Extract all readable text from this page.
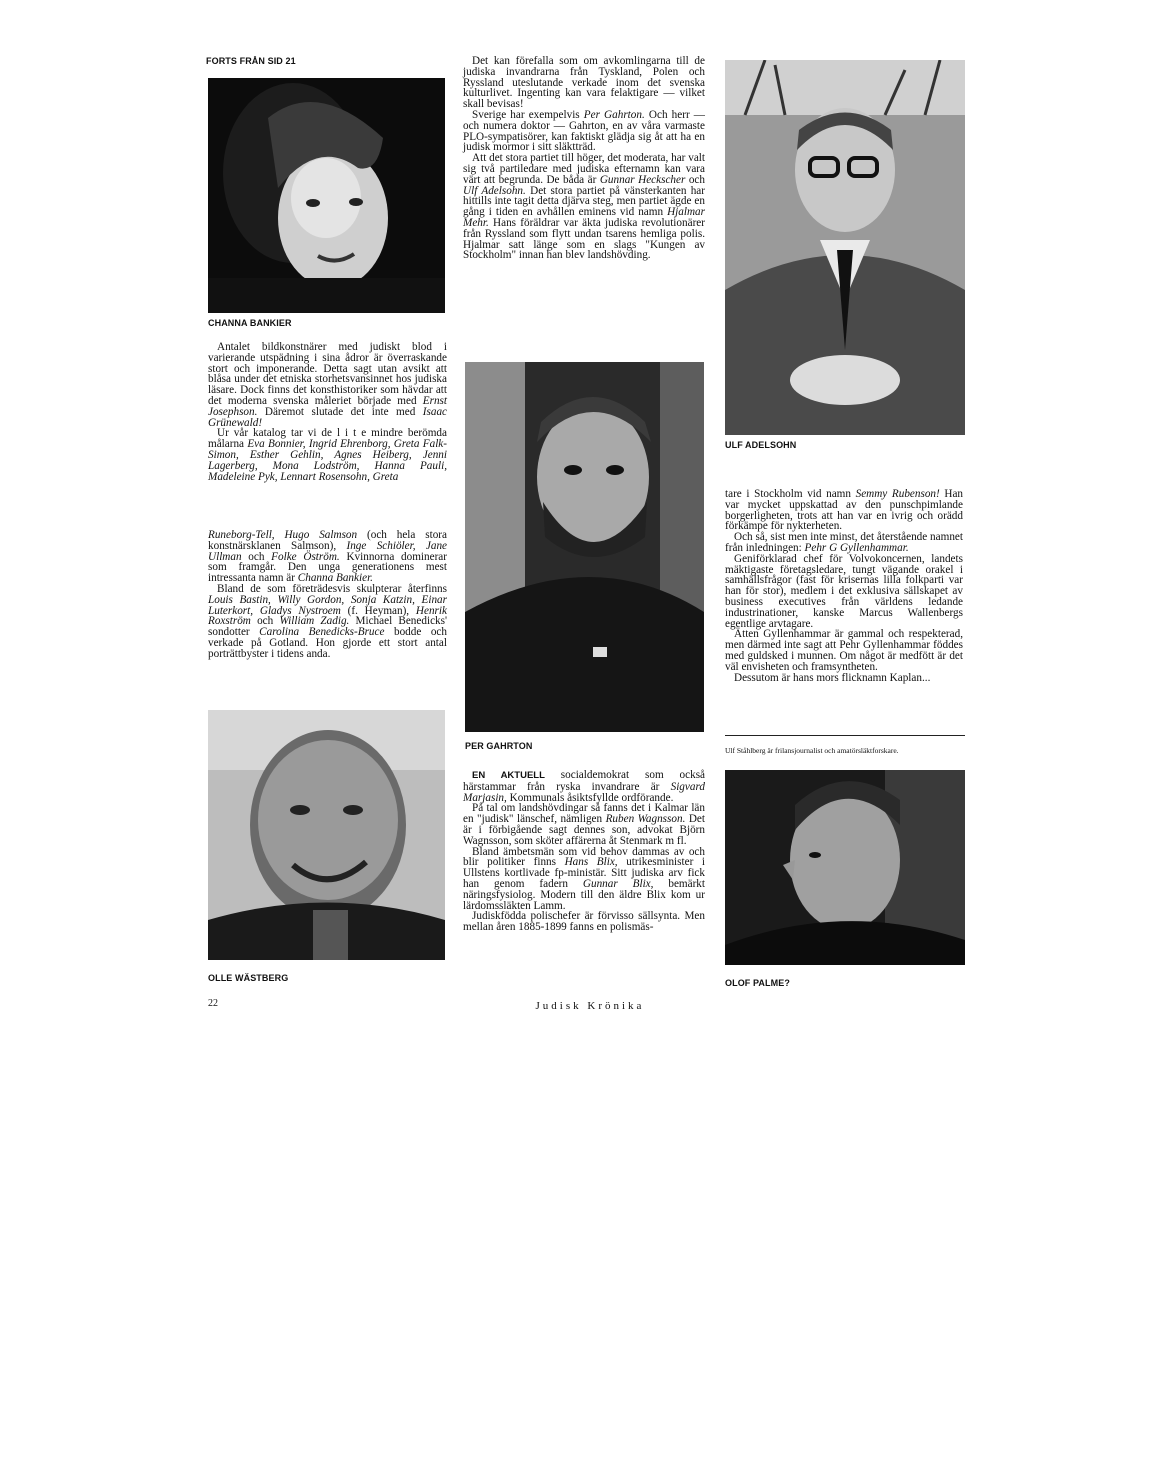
FORTS FRÅN SID 21
CHANNA BANKIER

Antalet bildkonstnärer med judiskt blod i varierande utspädning i sina ådror är överraskande stort och imponerande. Detta sagt utan avsikt att blåsa under det etniska storhetsvansinnet hos judiska läsare. Dock finns det konsthistoriker som hävdar att det moderna svenska måleriet började med Ernst Josephson. Däremot slutade det inte med Isaac Grünewald!

Ur vår katalog tar vi de l i t e mindre berömda målarna Eva Bonnier, Ingrid Ehrenborg, Greta Falk-Simon, Esther Gehlin, Agnes Heiberg, Jenni Lagerberg, Mona Lodström, Hanna Pauli, Madeleine Pyk, Lennart Rosensohn, Greta

Runeborg-Tell, Hugo Salmson (och hela stora konstnärsklanen Salmson), Inge Schiöler, Jane Ullman och Folke Öström. Kvinnorna dominerar som framgår. Den unga generationens mest intressanta namn är Channa Bankier.

Bland de som företrädesvis skulpterar återfinns Louis Bastin, Willy Gordon, Sonja Katzin, Einar Luterkort, Gladys Nystroem (f. Heyman), Henrik Roxström och William Zadig. Michael Benedicks' sondotter Carolina Benedicks-Bruce bodde och verkade på Gotland. Hon gjorde ett stort antal porträttbyster i tidens anda.

OLLE WÄSTBERG

Det kan förefalla som om avkomlingarna till de judiska invandrarna från Tyskland, Polen och Ryssland uteslutande verkade inom det svenska kulturlivet. Ingenting kan vara felaktigare — vilket skall bevisas!

Sverige har exempelvis Per Gahrton. Och herr — och numera doktor — Gahrton, en av våra varmaste PLO-sympatisörer, kan faktiskt glädja sig åt att ha en judisk mormor i sitt släktträd.

Att det stora partiet till höger, det moderata, har valt sig två partiledare med judiska efternamn kan vara värt att begrunda. De båda är Gunnar Heckscher och Ulf Adelsohn. Det stora partiet på vänsterkanten har hittills inte tagit detta djärva steg, men partiet ägde en gång i tiden en avhållen eminens vid namn Hjalmar Mehr. Hans föräldrar var äkta judiska revolutionärer från Ryssland som flytt undan tsarens hemliga polis. Hjalmar satt länge som en slags "Kungen av Stockholm" innan han blev landshövding.

PER GAHRTON

EN AKTUELL socialdemokrat som också härstammar från ryska invandrare är Sigvard Marjasin, Kommunals åsiktsfyllde ordförande.

På tal om landshövdingar så fanns det i Kalmar län en "judisk" länschef, nämligen Ruben Wagnsson. Det är i förbigående sagt dennes son, advokat Björn Wagnsson, som sköter affärerna åt Stenmark m fl.

Bland ämbetsmän som vid behov dammas av och blir politiker finns Hans Blix, utrikesminister i Ullstens kortlivade fp-ministär. Sitt judiska arv fick han genom fadern Gunnar Blix, bemärkt näringsfysiolog. Modern till den äldre Blix kom ur lärdomssläkten Lamm.

Judiskfödda polischefer är förvisso sällsynta. Men mellan åren 1885-1899 fanns en polismäs-

ULF ADELSOHN

tare i Stockholm vid namn Semmy Rubenson! Han var mycket uppskattad av den punschpimlande borgerligheten, trots att han var en ivrig och orädd förkämpe för nykterheten.

Och så, sist men inte minst, det återstående namnet från inledningen: Pehr G Gyllenhammar.

Geniförklarad chef för Volvokoncernen, landets mäktigaste företagsledare, tungt vägande orakel i samhällsfrågor (fast för krisernas lilla folkparti var han för stor), medlem i det exklusiva sällskapet av business executives från världens ledande industrinationer, kanske Marcus Wallenbergs egentlige arvtagare.

Ätten Gyllenhammar är gammal och respekterad, men därmed inte sagt att Pehr Gyllenhammar föddes med guldsked i munnen. Om något är medfött är det väl envisheten och framsyntheten.

Dessutom är hans mors flicknamn Kaplan...

Ulf Ståhlberg är frilansjournalist och amatörsläktforskare.
OLOF PALME?
22	Judisk Krönika
